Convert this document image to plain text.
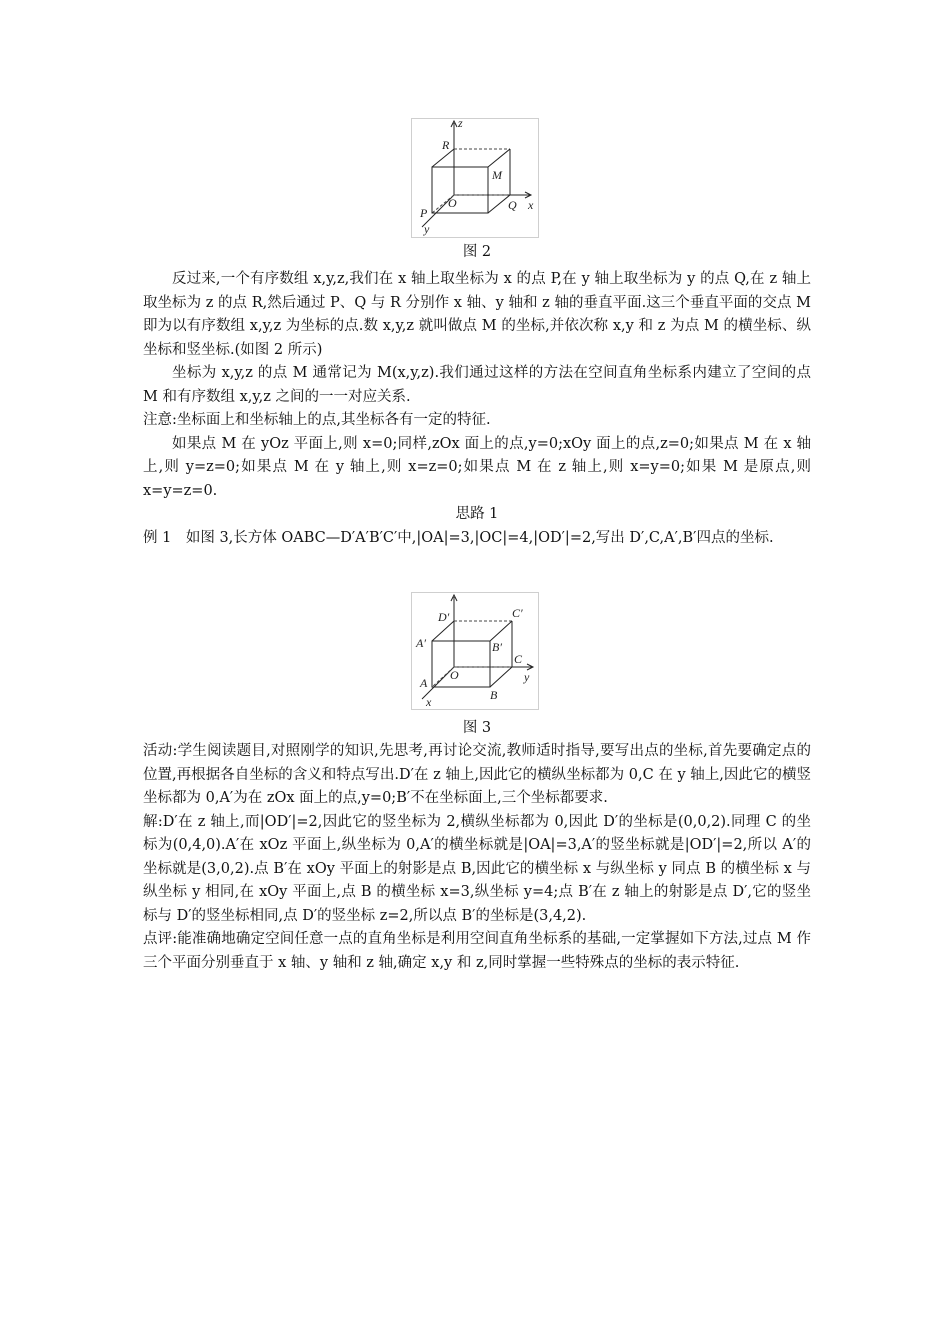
z
R
M
O	Q x
P
y
图 2

反过来,一个有序数组 x,y,z,我们在 x 轴上取坐标为 x 的点 P,在 y 轴上取坐标为 y 的点 Q,在 z 轴上取坐标为 z 的点 R,然后通过 P、Q 与 R 分别作 x 轴、y 轴和 z 轴的垂直平面.这三个垂直平面的交点 M 即为以有序数组 x,y,z 为坐标的点.数 x,y,z 就叫做点 M 的坐标,并依次称 x,y 和 z 为点 M 的横坐标、纵坐标和竖坐标.(如图 2 所示)

坐标为 x,y,z 的点 M 通常记为 M(x,y,z).我们通过这样的方法在空间直角坐标系内建立了空间的点 M 和有序数组 x,y,z 之间的一一对应关系.

注意:坐标面上和坐标轴上的点,其坐标各有一定的特征.

如果点 M 在 yOz 平面上,则 x=0;同样,zOx 面上的点,y=0;xOy 面上的点,z=0;如果点 M 在 x 轴上,则 y=z=0;如果点 M 在 y 轴上,则 x=z=0;如果点 M 在 z 轴上,则 x=y=0;如果 M 是原点,则 x=y=z=0.

思路 1

例 1　如图 3,长方体 OABC—D′A′B′C′中,|OA|=3,|OC|=4,|OD′|=2,写出 D′,C,A′,B′四点的坐标.

图 3

活动:学生阅读题目,对照刚学的知识,先思考,再讨论交流,教师适时指导,要写出点的坐标,首先要确定点的位置,再根据各自坐标的含义和特点写出.D′在 z 轴上,因此它的横纵坐标都为 0,C 在 y 轴上,因此它的横竖坐标都为 0,A′为在 zOx 面上的点,y=0;B′不在坐标面上,三个坐标都要求.

解:D′在 z 轴上,而|OD′|=2,因此它的竖坐标为 2,横纵坐标都为 0,因此 D′的坐标是(0,0,2).同理 C 的坐标为(0,4,0).A′在 xOz 平面上,纵坐标为 0,A′的横坐标就是|OA|=3,A′的竖坐标就是|OD′|=2,所以 A′的坐标就是(3,0,2).点 B′在 xOy 平面上的射影是点 B,因此它的横坐标 x 与纵坐标 y 同点 B 的横坐标 x 与纵坐标 y 相同,在 xOy 平面上,点 B 的横坐标 x=3,纵坐标 y=4;点 B′在 z 轴上的射影是点 D′,它的竖坐标与 D′的竖坐标相同,点 D′的竖坐标 z=2,所以点 B′的坐标是(3,4,2).

点评:能准确地确定空间任意一点的直角坐标是利用空间直角坐标系的基础,一定掌握如下方法,过点 M 作三个平面分别垂直于 x 轴、y 轴和 z 轴,确定 x,y 和 z,同时掌握一些特殊点的坐标的表示特征.

D′	C′
A′	B′
O
C
y
A
B
x
